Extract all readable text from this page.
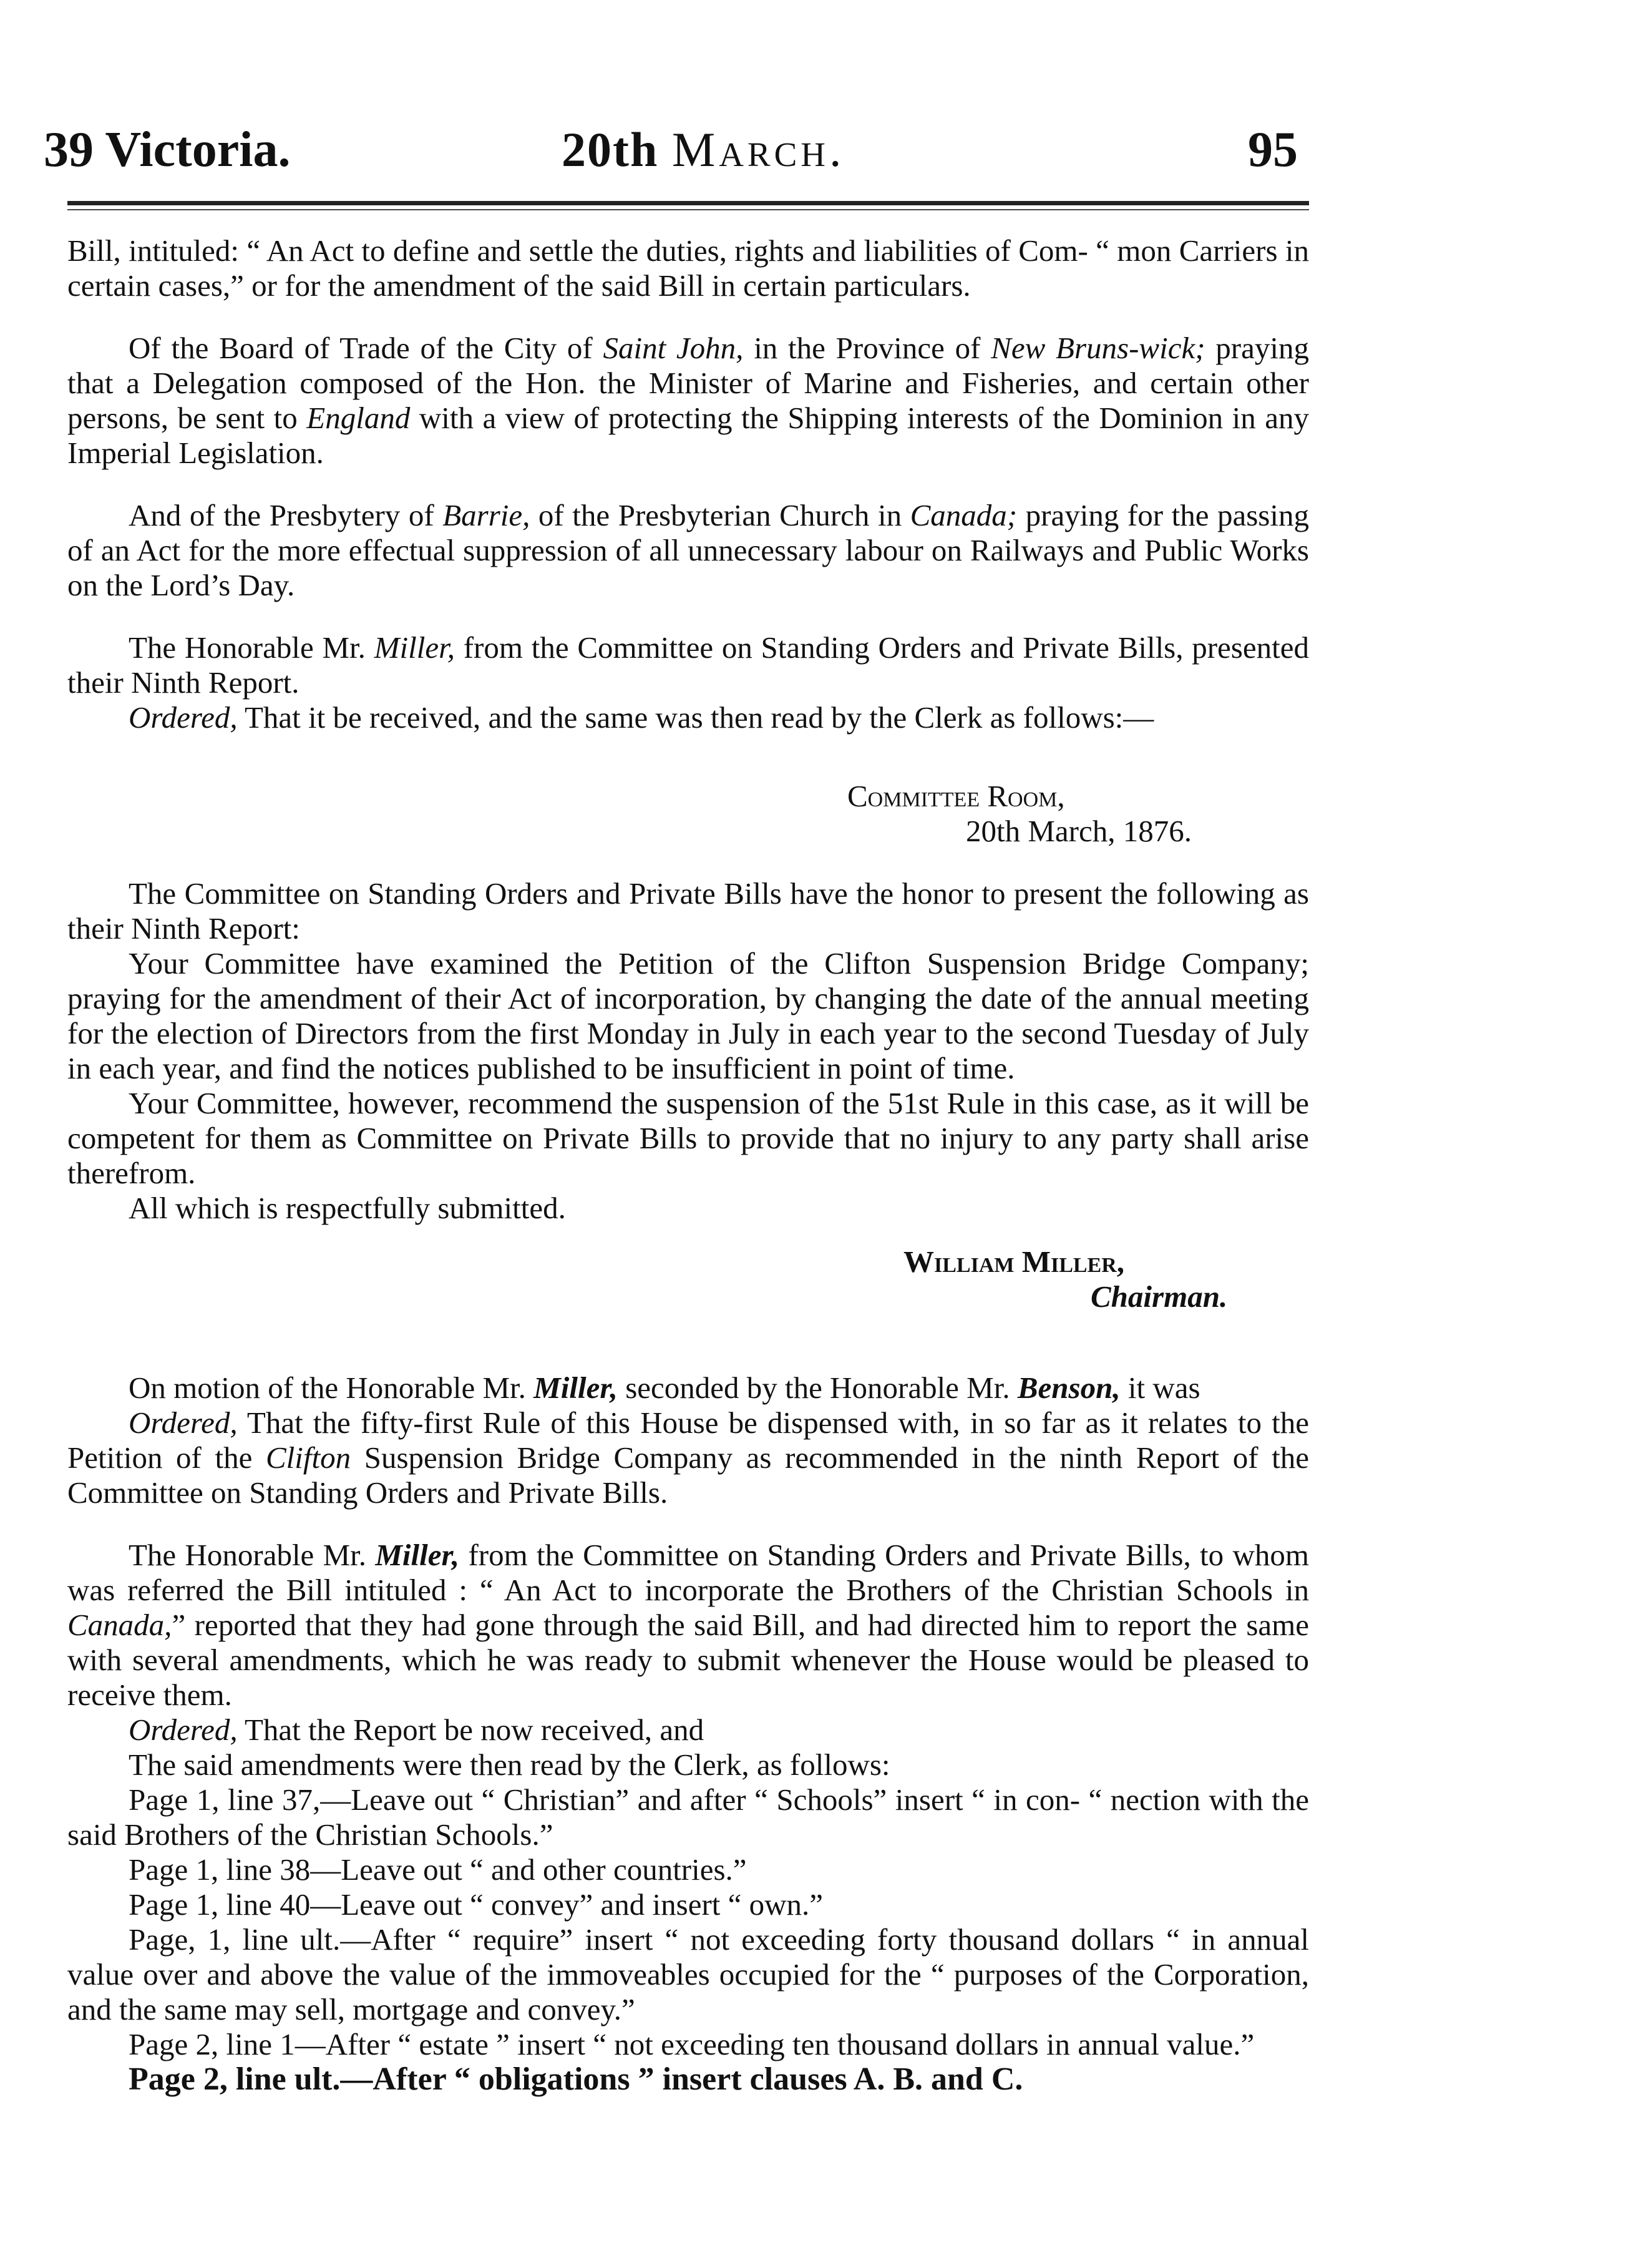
39 Victoria.	20th March.	95

Bill, intituled: “ An Act to define and settle the duties, rights and liabilities of Com- “ mon Carriers in certain cases,” or for the amendment of the said Bill in certain particulars.

Of the Board of Trade of the City of Saint John, in the Province of New Bruns-wick; praying that a Delegation composed of the Hon. the Minister of Marine and Fisheries, and certain other persons, be sent to England with a view of protecting the Shipping interests of the Dominion in any Imperial Legislation.

And of the Presbytery of Barrie, of the Presbyterian Church in Canada; praying for the passing of an Act for the more effectual suppression of all unnecessary labour on Railways and Public Works on the Lord’s Day.

The Honorable Mr. Miller, from the Committee on Standing Orders and Private Bills, presented their Ninth Report.

Ordered, That it be received, and the same was then read by the Clerk as follows:—

Committee Room,
20th March, 1876.

The Committee on Standing Orders and Private Bills have the honor to present the following as their Ninth Report:

Your Committee have examined the Petition of the Clifton Suspension Bridge Company; praying for the amendment of their Act of incorporation, by changing the date of the annual meeting for the election of Directors from the first Monday in July in each year to the second Tuesday of July in each year, and find the notices published to be insufficient in point of time.

Your Committee, however, recommend the suspension of the 51st Rule in this case, as it will be competent for them as Committee on Private Bills to provide that no injury to any party shall arise therefrom.

All which is respectfully submitted.

William Miller,
Chairman.

On motion of the Honorable Mr. Miller, seconded by the Honorable Mr. Benson, it was

Ordered, That the fifty-first Rule of this House be dispensed with, in so far as it relates to the Petition of the Clifton Suspension Bridge Company as recommended in the ninth Report of the Committee on Standing Orders and Private Bills.

The Honorable Mr. Miller, from the Committee on Standing Orders and Private Bills, to whom was referred the Bill intituled : “ An Act to incorporate the Brothers of the Christian Schools in Canada,” reported that they had gone through the said Bill, and had directed him to report the same with several amendments, which he was ready to submit whenever the House would be pleased to receive them.

Ordered, That the Report be now received, and

The said amendments were then read by the Clerk, as follows:

Page 1, line 37,—Leave out “ Christian” and after “ Schools” insert “ in con- “ nection with the said Brothers of the Christian Schools.”

Page 1, line 38—Leave out “ and other countries.”

Page 1, line 40—Leave out “ convey” and insert “ own.”

Page, 1, line ult.—After “ require” insert “ not exceeding forty thousand dollars “ in annual value over and above the value of the immoveables occupied for the “ purposes of the Corporation, and the same may sell, mortgage and convey.”

Page 2, line 1—After “ estate ” insert “ not exceeding ten thousand dollars in annual value.”

Page 2, line ult.—After “ obligations ” insert clauses A. B. and C.
